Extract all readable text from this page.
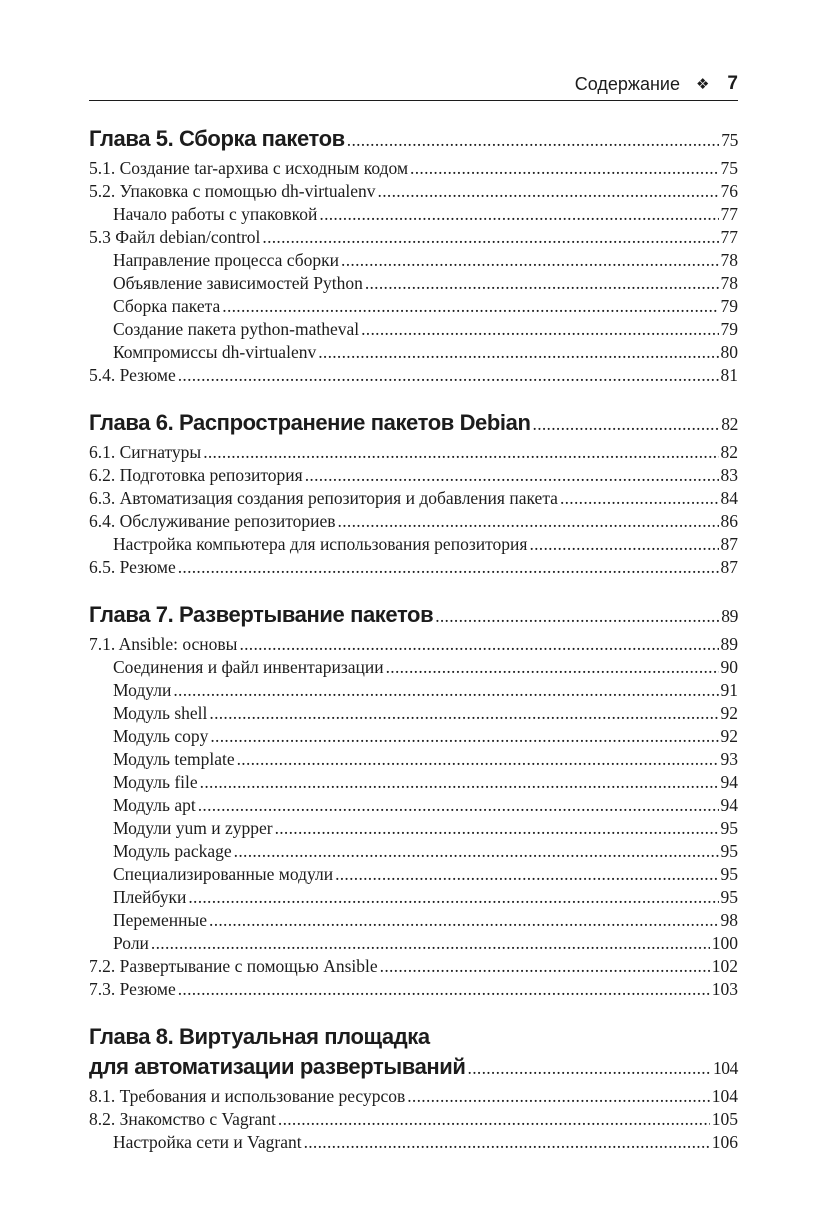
Содержание ❖ 7
Глава 5. Сборка пакетов .....	75
5.1. Создание tar-архива с исходным кодом .....	75
5.2. Упаковка с помощью dh-virtualenv .....	76
Начало работы с упаковкой .....	77
5.3 Файл debian/control .....	77
Направление процесса сборки .....	78
Объявление зависимостей Python .....	78
Сборка пакета .....	79
Создание пакета python-matheval .....	79
Компромиссы dh-virtualenv .....	80
5.4. Резюме .....	81
Глава 6. Распространение пакетов Debian .....	82
6.1. Сигнатуры .....	82
6.2. Подготовка репозитория .....	83
6.3. Автоматизация создания репозитория и добавления пакета .....	84
6.4. Обслуживание репозиториев .....	86
Настройка компьютера для использования репозитория .....	87
6.5. Резюме .....	87
Глава 7. Развертывание пакетов .....	89
7.1. Ansible: основы .....	89
Соединения и файл инвентаризации .....	90
Модули .....	91
Модуль shell .....	92
Модуль copy .....	92
Модуль template .....	93
Модуль file .....	94
Модуль apt .....	94
Модули yum и zypper .....	95
Модуль package .....	95
Специализированные модули .....	95
Плейбуки .....	95
Переменные .....	98
Роли .....	100
7.2. Развертывание с помощью Ansible .....	102
7.3. Резюме .....	103
Глава 8. Виртуальная площадка
для автоматизации развертываний .....	104
8.1. Требования и использование ресурсов .....	104
8.2. Знакомство с Vagrant .....	105
Настройка сети и Vagrant .....	106
